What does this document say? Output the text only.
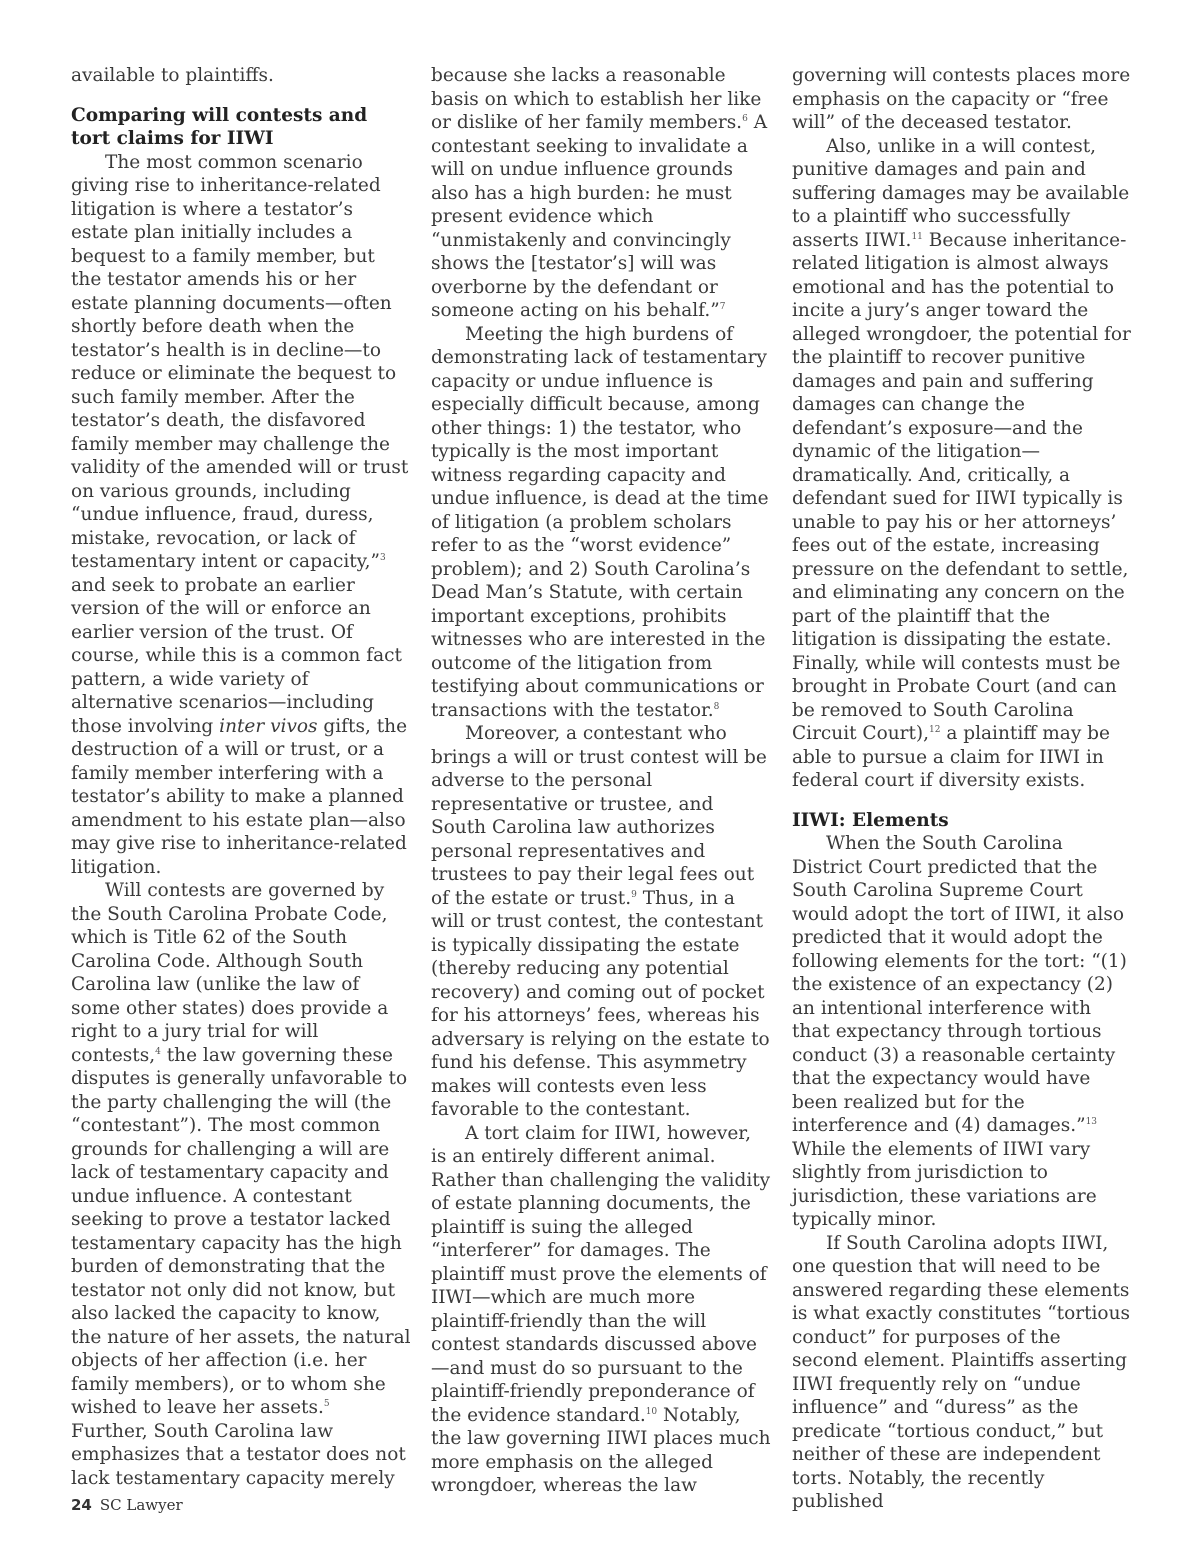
available to plaintiffs.

Comparing will contests and tort claims for IIWI

The most common scenario giving rise to inheritance-related litigation is where a testator’s estate plan initially includes a bequest to a family member, but the testator amends his or her estate planning documents—often shortly before death when the testator’s health is in decline—to reduce or eliminate the bequest to such family member. After the testator’s death, the disfavored family member may challenge the validity of the amended will or trust on various grounds, including “undue influence, fraud, duress, mistake, revocation, or lack of testamentary intent or capacity,”$^3$ and seek to probate an earlier version of the will or enforce an earlier version of the trust. Of course, while this is a common fact pattern, a wide variety of alternative scenarios—including those involving inter vivos gifts, the destruction of a will or trust, or a family member interfering with a testator’s ability to make a planned amendment to his estate plan—also may give rise to inheritance-related litigation.

Will contests are governed by the South Carolina Probate Code, which is Title 62 of the South Carolina Code. Although South Carolina law (unlike the law of some other states) does provide a right to a jury trial for will contests,$^4$ the law governing these disputes is generally unfavorable to the party challenging the will (the “contestant”). The most common grounds for challenging a will are lack of testamentary capacity and undue influence. A contestant seeking to prove a testator lacked testamentary capacity has the high burden of demonstrating that the testator not only did not know, but also lacked the capacity to know, the nature of her assets, the natural objects of her affection (i.e. her family members), or to whom she wished to leave her assets.$^5$ Further, South Carolina law emphasizes that a testator does not lack testamentary capacity merely

because she lacks a reasonable basis on which to establish her like or dislike of her family members.$^6$ A contestant seeking to invalidate a will on undue influence grounds also has a high burden: he must present evidence which “unmistakenly and convincingly shows the [testator’s] will was overborne by the defendant or someone acting on his behalf.”$^7$

Meeting the high burdens of demonstrating lack of testamentary capacity or undue influence is especially difficult because, among other things: 1) the testator, who typically is the most important witness regarding capacity and undue influence, is dead at the time of litigation (a problem scholars refer to as the “worst evidence” problem); and 2) South Carolina’s Dead Man’s Statute, with certain important exceptions, prohibits witnesses who are interested in the outcome of the litigation from testifying about communications or transactions with the testator.$^8$

Moreover, a contestant who brings a will or trust contest will be adverse to the personal representative or trustee, and South Carolina law authorizes personal representatives and trustees to pay their legal fees out of the estate or trust.$^9$ Thus, in a will or trust contest, the contestant is typically dissipating the estate (thereby reducing any potential recovery) and coming out of pocket for his attorneys’ fees, whereas his adversary is relying on the estate to fund his defense. This asymmetry makes will contests even less favorable to the contestant.

A tort claim for IIWI, however, is an entirely different animal. Rather than challenging the validity of estate planning documents, the plaintiff is suing the alleged “interferer” for damages. The plaintiff must prove the elements of IIWI—which are much more plaintiff-friendly than the will contest standards discussed above—and must do so pursuant to the plaintiff-friendly preponderance of the evidence standard.$^{10}$ Notably, the law governing IIWI places much more emphasis on the alleged wrongdoer, whereas the law

governing will contests places more emphasis on the capacity or “free will” of the deceased testator.

Also, unlike in a will contest, punitive damages and pain and suffering damages may be available to a plaintiff who successfully asserts IIWI.$^{11}$ Because inheritance-related litigation is almost always emotional and has the potential to incite a jury’s anger toward the alleged wrongdoer, the potential for the plaintiff to recover punitive damages and pain and suffering damages can change the defendant’s exposure—and the dynamic of the litigation—dramatically. And, critically, a defendant sued for IIWI typically is unable to pay his or her attorneys’ fees out of the estate, increasing pressure on the defendant to settle, and eliminating any concern on the part of the plaintiff that the litigation is dissipating the estate. Finally, while will contests must be brought in Probate Court (and can be removed to South Carolina Circuit Court),$^{12}$ a plaintiff may be able to pursue a claim for IIWI in federal court if diversity exists.

IIWI: Elements

When the South Carolina District Court predicted that the South Carolina Supreme Court would adopt the tort of IIWI, it also predicted that it would adopt the following elements for the tort: “(1) the existence of an expectancy (2) an intentional interference with that expectancy through tortious conduct (3) a reasonable certainty that the expectancy would have been realized but for the interference and (4) damages.”$^{13}$ While the elements of IIWI vary slightly from jurisdiction to jurisdiction, these variations are typically minor.

If South Carolina adopts IIWI, one question that will need to be answered regarding these elements is what exactly constitutes “tortious conduct” for purposes of the second element. Plaintiffs asserting IIWI frequently rely on “undue influence” and “duress” as the predicate “tortious conduct,” but neither of these are independent torts. Notably, the recently published

24 SC Lawyer
